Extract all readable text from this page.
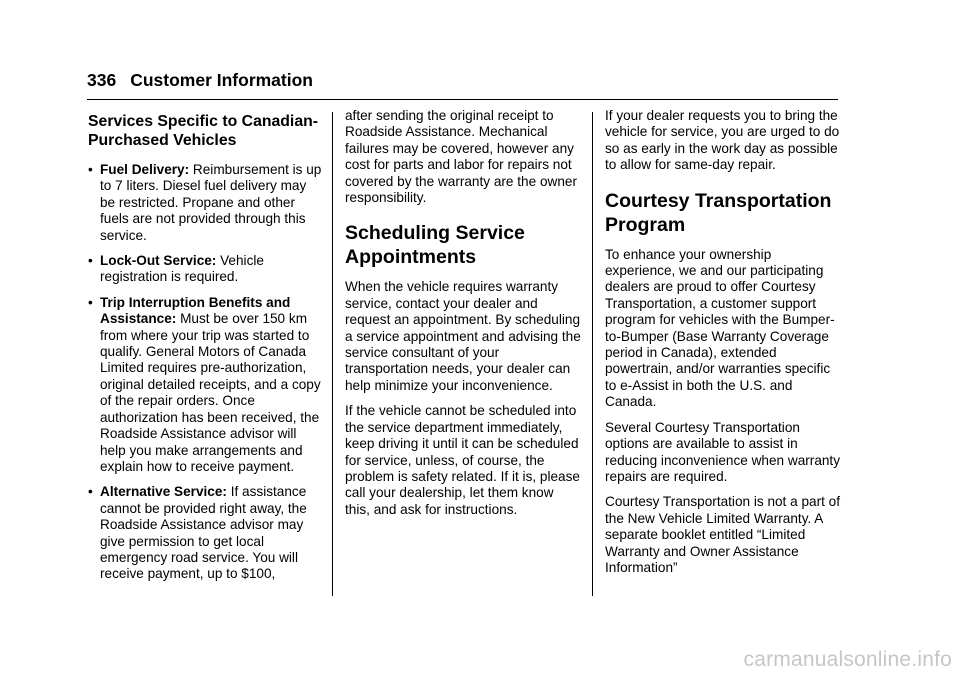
336 Customer Information
Services Specific to Canadian-Purchased Vehicles
• Fuel Delivery: Reimbursement is up to 7 liters. Diesel fuel delivery may be restricted. Propane and other fuels are not provided through this service.
• Lock-Out Service: Vehicle registration is required.
• Trip Interruption Benefits and Assistance: Must be over 150 km from where your trip was started to qualify. General Motors of Canada Limited requires pre-authorization, original detailed receipts, and a copy of the repair orders. Once authorization has been received, the Roadside Assistance advisor will help you make arrangements and explain how to receive payment.
• Alternative Service: If assistance cannot be provided right away, the Roadside Assistance advisor may give permission to get local emergency road service. You will receive payment, up to $100,

after sending the original receipt to Roadside Assistance. Mechanical failures may be covered, however any cost for parts and labor for repairs not covered by the warranty are the owner responsibility.

Scheduling Service Appointments

When the vehicle requires warranty service, contact your dealer and request an appointment. By scheduling a service appointment and advising the service consultant of your transportation needs, your dealer can help minimize your inconvenience.

If the vehicle cannot be scheduled into the service department immediately, keep driving it until it can be scheduled for service, unless, of course, the problem is safety related. If it is, please call your dealership, let them know this, and ask for instructions.

If your dealer requests you to bring the vehicle for service, you are urged to do so as early in the work day as possible to allow for same-day repair.

Courtesy Transportation Program

To enhance your ownership experience, we and our participating dealers are proud to offer Courtesy Transportation, a customer support program for vehicles with the Bumper-to-Bumper (Base Warranty Coverage period in Canada), extended powertrain, and/or warranties specific to e-Assist in both the U.S. and Canada.

Several Courtesy Transportation options are available to assist in reducing inconvenience when warranty repairs are required.

Courtesy Transportation is not a part of the New Vehicle Limited Warranty. A separate booklet entitled “Limited Warranty and Owner Assistance Information”

carmanualsonline.info
